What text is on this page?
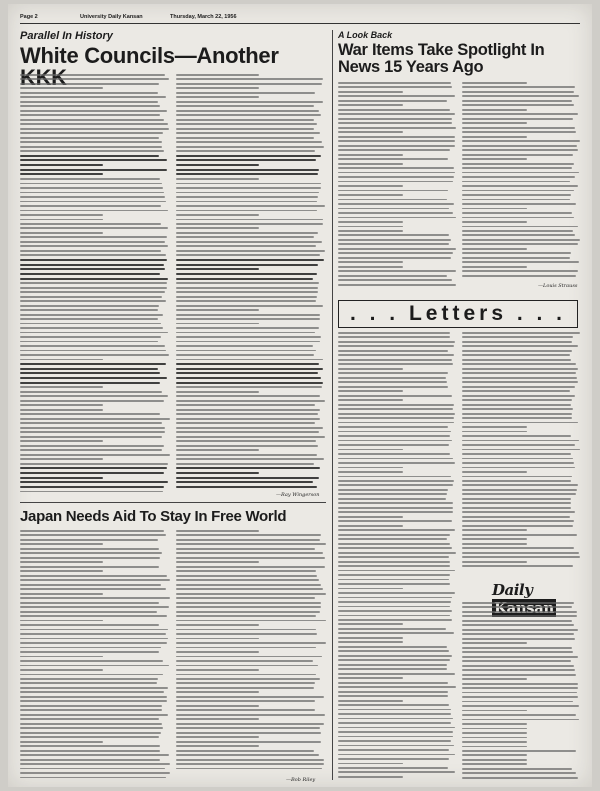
Page 2	University Daily Kansan	Thursday, March 22, 1956
Parallel In History
White Councils—Another
—Ray Wingerson
Japan Needs Aid To Stay In Free World
—Bob Riley
A Look Back
War Items Take Spotlight In News 15 Years Ago
—Louis Strauss
. . . Letters . . .
Daily
